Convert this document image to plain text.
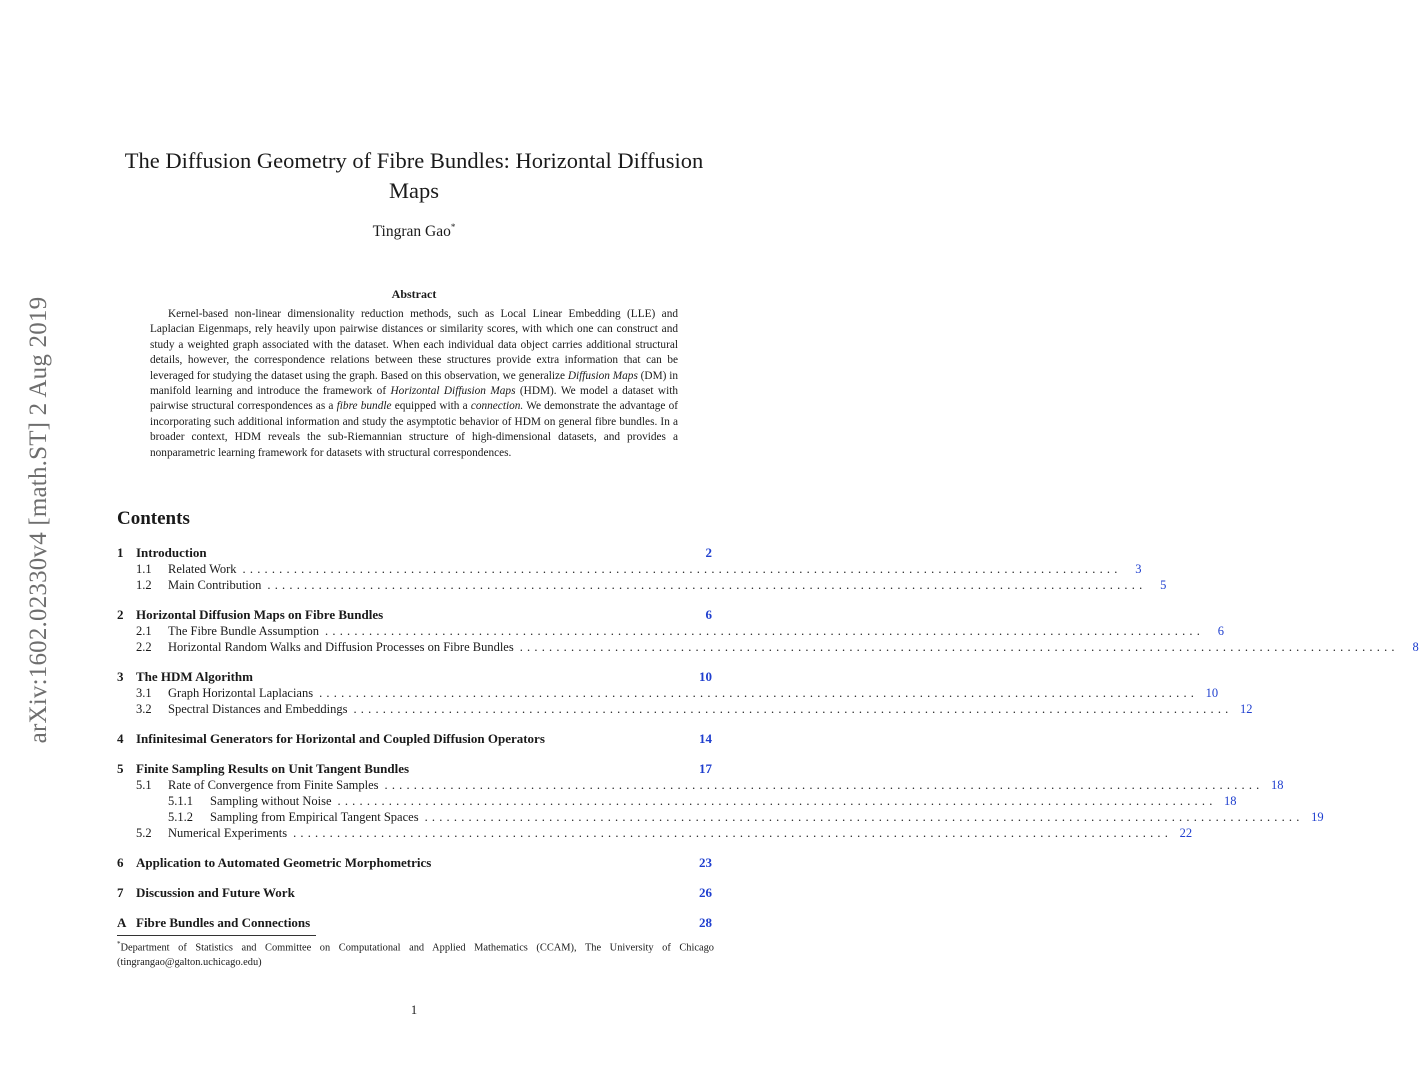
arXiv:1602.02330v4 [math.ST] 2 Aug 2019
The Diffusion Geometry of Fibre Bundles: Horizontal Diffusion Maps
Tingran Gao*
Abstract
Kernel-based non-linear dimensionality reduction methods, such as Local Linear Embedding (LLE) and Laplacian Eigenmaps, rely heavily upon pairwise distances or similarity scores, with which one can construct and study a weighted graph associated with the dataset. When each individual data object carries additional structural details, however, the correspondence relations between these structures provide extra information that can be leveraged for studying the dataset using the graph. Based on this observation, we generalize Diffusion Maps (DM) in manifold learning and introduce the framework of Horizontal Diffusion Maps (HDM). We model a dataset with pairwise structural correspondences as a fibre bundle equipped with a connection. We demonstrate the advantage of incorporating such additional information and study the asymptotic behavior of HDM on general fibre bundles. In a broader context, HDM reveals the sub-Riemannian structure of high-dimensional datasets, and provides a nonparametric learning framework for datasets with structural correspondences.
Contents
1 Introduction	2
1.1	Related Work ........................................................................................................................	3
1.2	Main Contribution ........................................................................................................................	5
2 Horizontal Diffusion Maps on Fibre Bundles	6
2.1	The Fibre Bundle Assumption ........................................................................................................................	6
2.2	Horizontal Random Walks and Diffusion Processes on Fibre Bundles ........................................................................................................................	8
3 The HDM Algorithm	10
3.1	Graph Horizontal Laplacians ........................................................................................................................ 10
3.2	Spectral Distances and Embeddings ........................................................................................................................ 12
4 Infinitesimal Generators for Horizontal and Coupled Diffusion Operators	14
5 Finite Sampling Results on Unit Tangent Bundles	17
5.1	Rate of Convergence from Finite Samples ........................................................................................................................ 18
5.1.1	Sampling without Noise ........................................................................................................................ 18
5.1.2	Sampling from Empirical Tangent Spaces ........................................................................................................................ 19
5.2	Numerical Experiments ........................................................................................................................ 22
6 Application to Automated Geometric Morphometrics	23
7 Discussion and Future Work	26
A Fibre Bundles and Connections	28
*Department of Statistics and Committee on Computational and Applied Mathematics (CCAM), The University of Chicago (tingrangao@galton.uchicago.edu)
1
